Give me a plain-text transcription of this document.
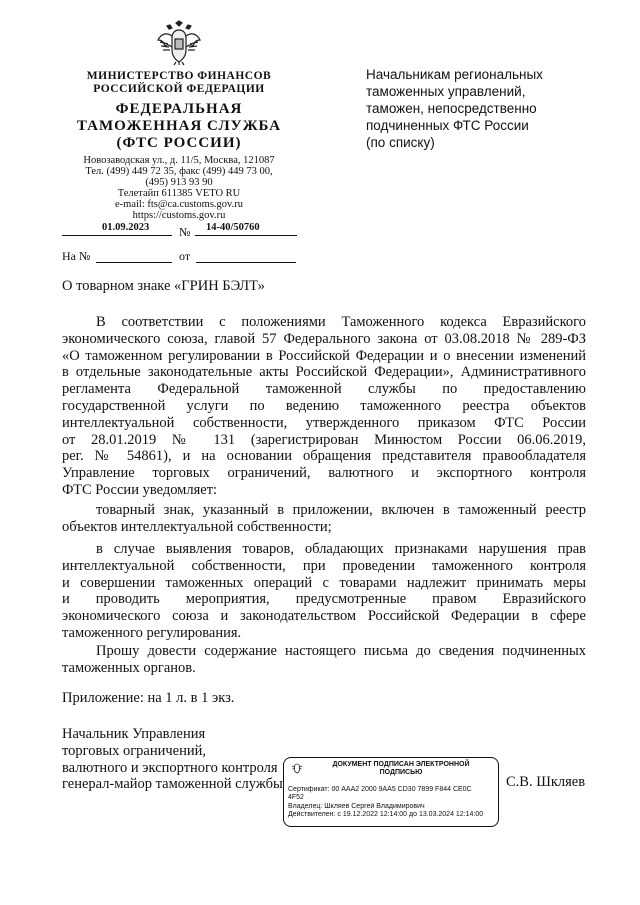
МИНИСТЕРСТВО ФИНАНСОВ
РОССИЙСКОЙ ФЕДЕРАЦИИ
ФЕДЕРАЛЬНАЯ
ТАМОЖЕННАЯ СЛУЖБА
(ФТС РОССИИ)
Новозаводская ул., д. 11/5, Москва, 121087
Тел. (499) 449 72 35, факс (499) 449 73 00,
(495) 913 93 90
Телетайп 611385 VETO RU
e-mail: fts@ca.customs.gov.ru
https://customs.gov.ru
01.09.2023 № 14-40/50760
На №	от
Начальникам региональных
таможенных управлений,
таможен, непосредственно
подчиненных ФТС России
(по списку)
О товарном знаке «ГРИН БЭЛТ»
В соответствии с положениями Таможенного кодекса Евразийского
экономического союза, главой 57 Федерального закона от 03.08.2018 № 289-ФЗ
«О таможенном регулировании в Российской Федерации и о внесении изменений
в отдельные законодательные акты Российской Федерации», Административного
регламента Федеральной таможенной службы по предоставлению
государственной услуги по ведению таможенного реестра объектов
интеллектуальной собственности, утвержденного приказом ФТС России
от 28.01.2019 № 131 (зарегистрирован Минюстом России 06.06.2019,
рег. № 54861), и на основании обращения представителя правообладателя
Управление торговых ограничений, валютного и экспортного контроля
ФТС России уведомляет:
товарный знак, указанный в приложении, включен в таможенный реестр
объектов интеллектуальной собственности;
в случае выявления товаров, обладающих признаками нарушения прав
интеллектуальной собственности, при проведении таможенного контроля
и совершении таможенных операций с товарами надлежит принимать меры
и проводить мероприятия, предусмотренные правом Евразийского
экономического союза и законодательством Российской Федерации в сфере
таможенного регулирования.
Прошу довести содержание настоящего письма до сведения подчиненных
таможенных органов.
Приложение: на 1 л. в 1 экз.
Начальник Управления
торговых ограничений,
валютного и экспортного контроля
генерал-майор таможенной службы
ДОКУМЕНТ ПОДПИСАН ЭЛЕКТРОННОЙ
ПОДПИСЬЮ
Сертификат: 00 AAA2 2000 9AA5 CD30 7899 F844 CE0C
4F52
Владелец: Шкляев Сергей Владимирович
Действителен: с 19.12.2022 12:14:00 до 13.03.2024 12:14:00
С.В. Шкляев
